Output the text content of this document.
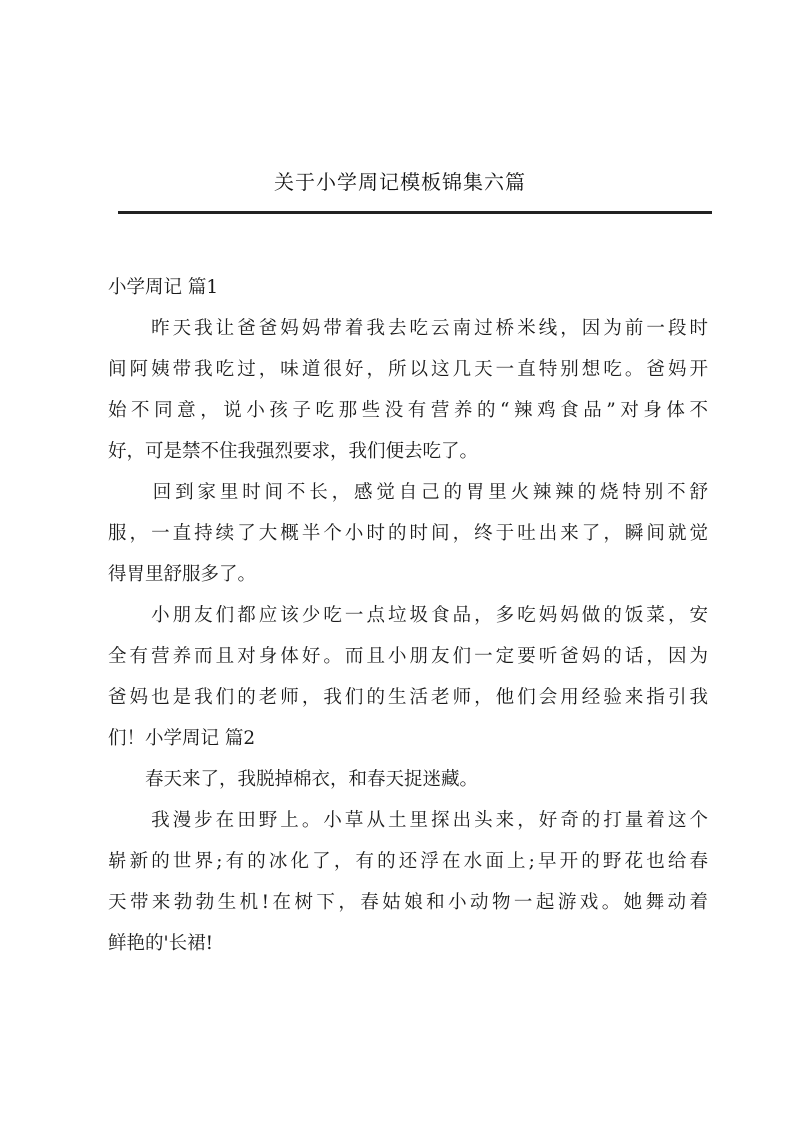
关于小学周记模板锦集六篇
小学周记 篇1
　　昨天我让爸爸妈妈带着我去吃云南过桥米线，因为前一段时
间阿姨带我吃过，味道很好，所以这几天一直特别想吃。爸妈开
始不同意，说小孩子吃那些没有营养的“辣鸡食品”对身体不
好，可是禁不住我强烈要求，我们便去吃了。
　　回到家里时间不长，感觉自己的胃里火辣辣的烧特别不舒
服，一直持续了大概半个小时的时间，终于吐出来了，瞬间就觉
得胃里舒服多了。
　　小朋友们都应该少吃一点垃圾食品，多吃妈妈做的饭菜，安
全有营养而且对身体好。而且小朋友们一定要听爸妈的话，因为
爸妈也是我们的老师，我们的生活老师，他们会用经验来指引我
们！小学周记 篇2
　　春天来了，我脱掉棉衣，和春天捉迷藏。
　　我漫步在田野上。小草从土里探出头来，好奇的打量着这个
崭新的世界;有的冰化了，有的还浮在水面上;早开的野花也给春
天带来勃勃生机!在树下，春姑娘和小动物一起游戏。她舞动着
鲜艳的'长裙!
